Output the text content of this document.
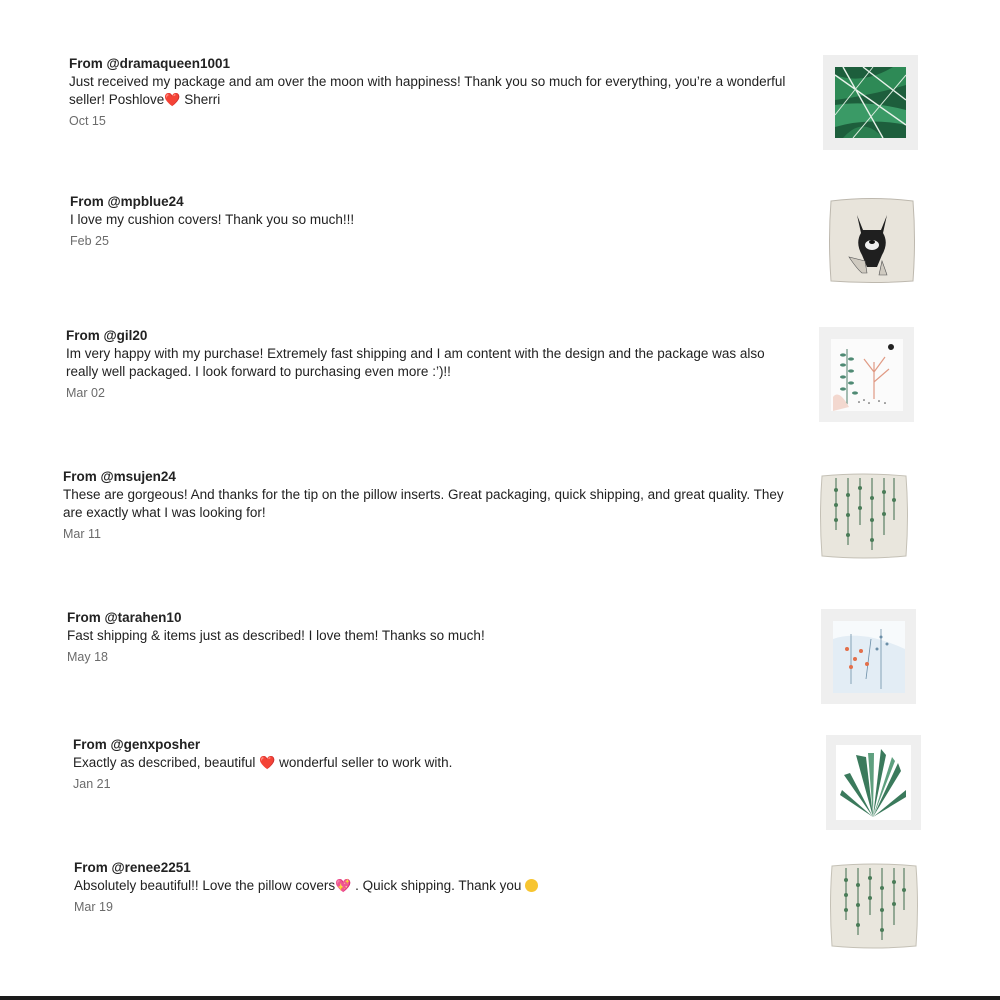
From @dramaqueen1001
Just received my package and am over the moon with happiness! Thank you so much for everything, you’re a wonderful
seller! Poshlove❤️ Sherri
Oct 15
From @mpblue24
I love my cushion covers! Thank you so much!!!
Feb 25
From @gil20
Im very happy with my purchase! Extremely fast shipping and I am content with the design and the package was also
really well packaged. I look forward to purchasing even more :’)!!
Mar 02
From @msujen24
These are gorgeous! And thanks for the tip on the pillow inserts. Great packaging, quick shipping, and great quality. They
are exactly what I was looking for!
Mar 11
From @tarahen10
Fast shipping & items just as described! I love them! Thanks so much!
May 18
From @genxposher
Exactly as described, beautiful ❤️ wonderful seller to work with.
Jan 21
From @renee2251
Absolutely beautiful!! Love the pillow covers💖 . Quick shipping. Thank you
Mar 19
